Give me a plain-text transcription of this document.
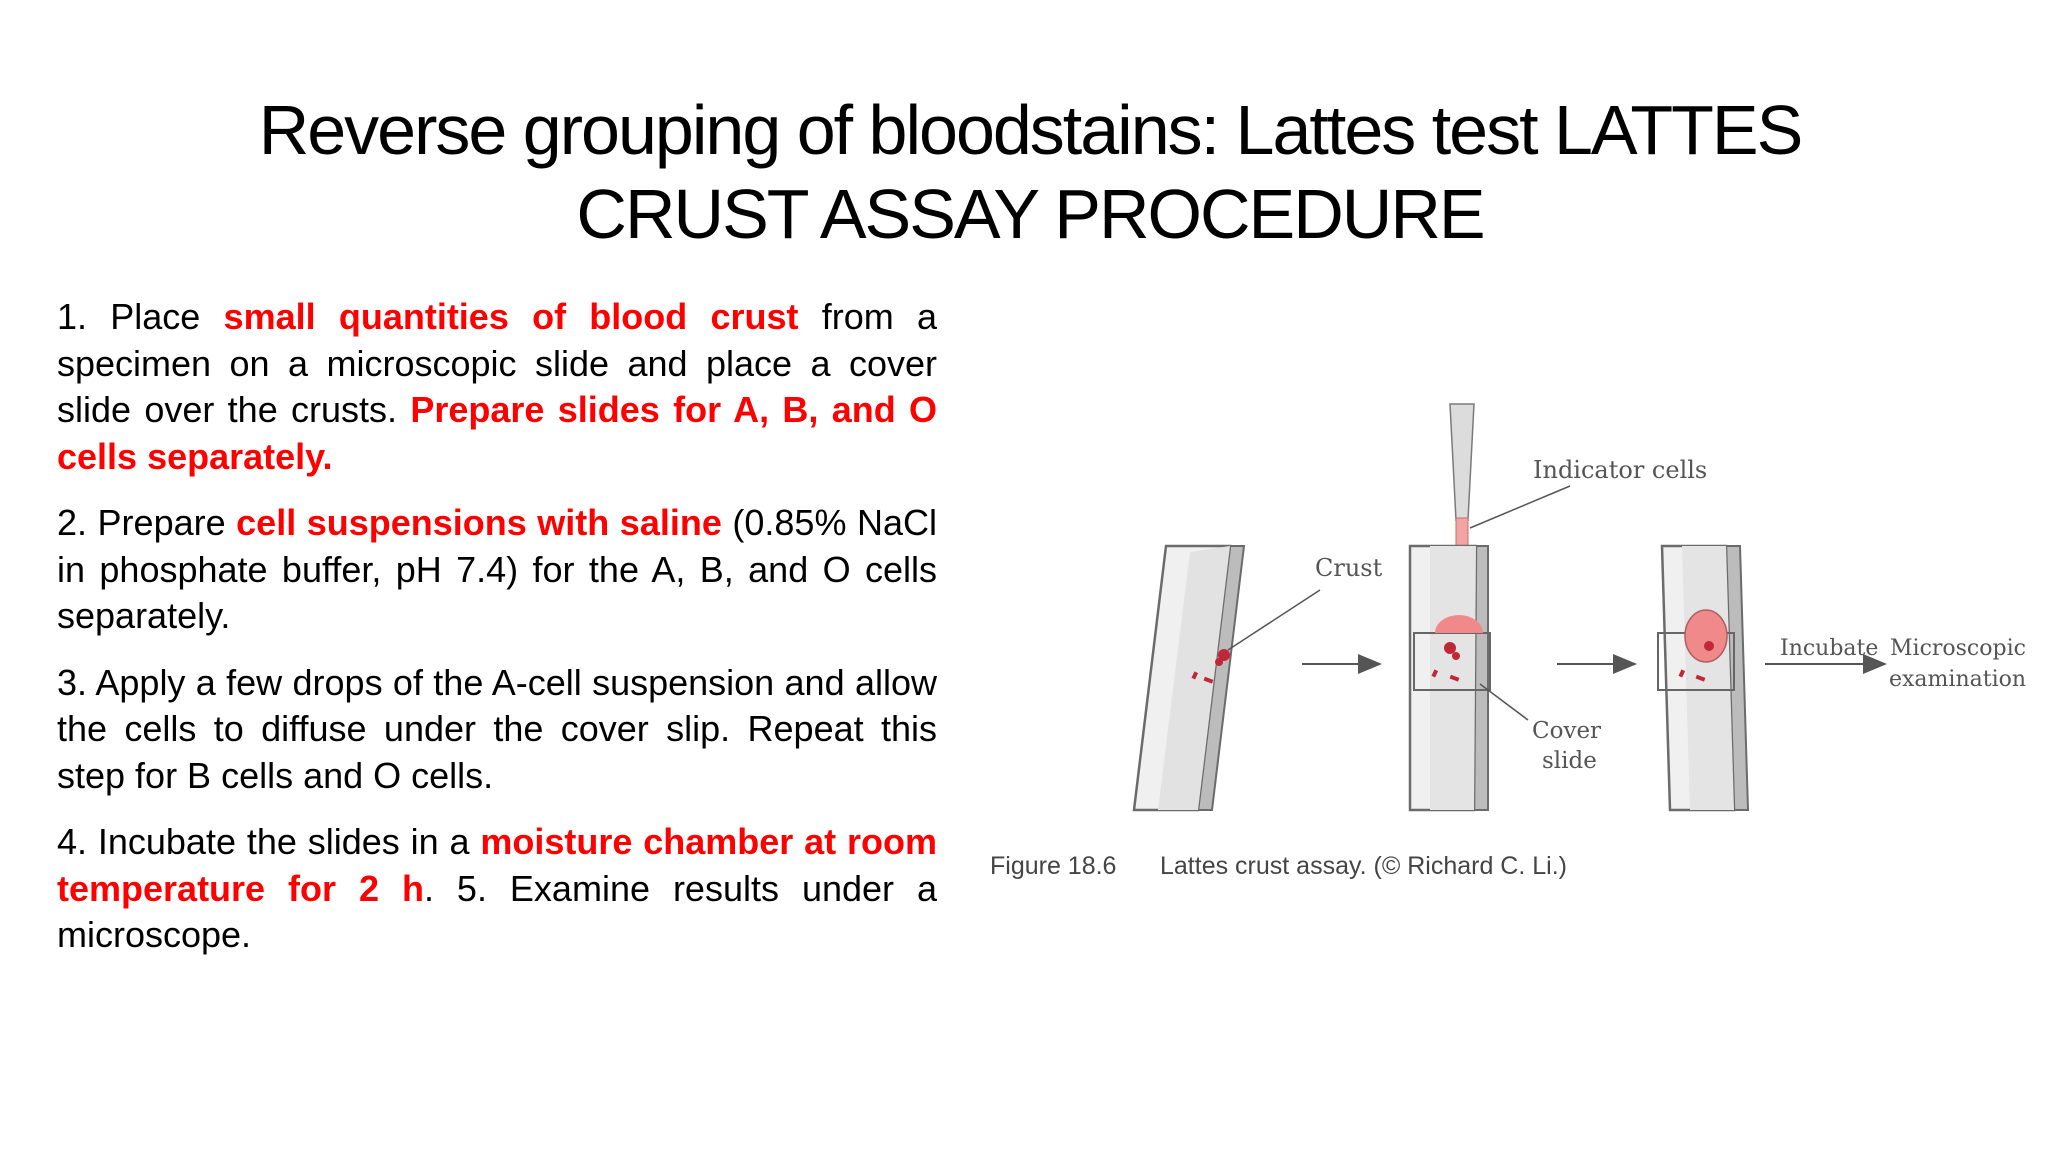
Reverse grouping of bloodstains: Lattes test LATTES
CRUST ASSAY PROCEDURE

1. Place small quantities of blood crust from a specimen on a microscopic slide and place a cover slide over the crusts. Prepare slides for A, B, and O cells separately.

2. Prepare cell suspensions with saline (0.85% NaCl in phosphate buffer, pH 7.4) for the A, B, and O cells separately.

3. Apply a few drops of the A-cell suspension and allow the cells to diffuse under the cover slip. Repeat this step for B cells and O cells.

4. Incubate the slides in a moisture chamber at room temperature for 2 h. 5. Examine results under a microscope.

Crust
Indicator cells
Cover
slide
Incubate Microscopic
examination
Figure 18.6 Lattes crust assay. (© Richard C. Li.)
